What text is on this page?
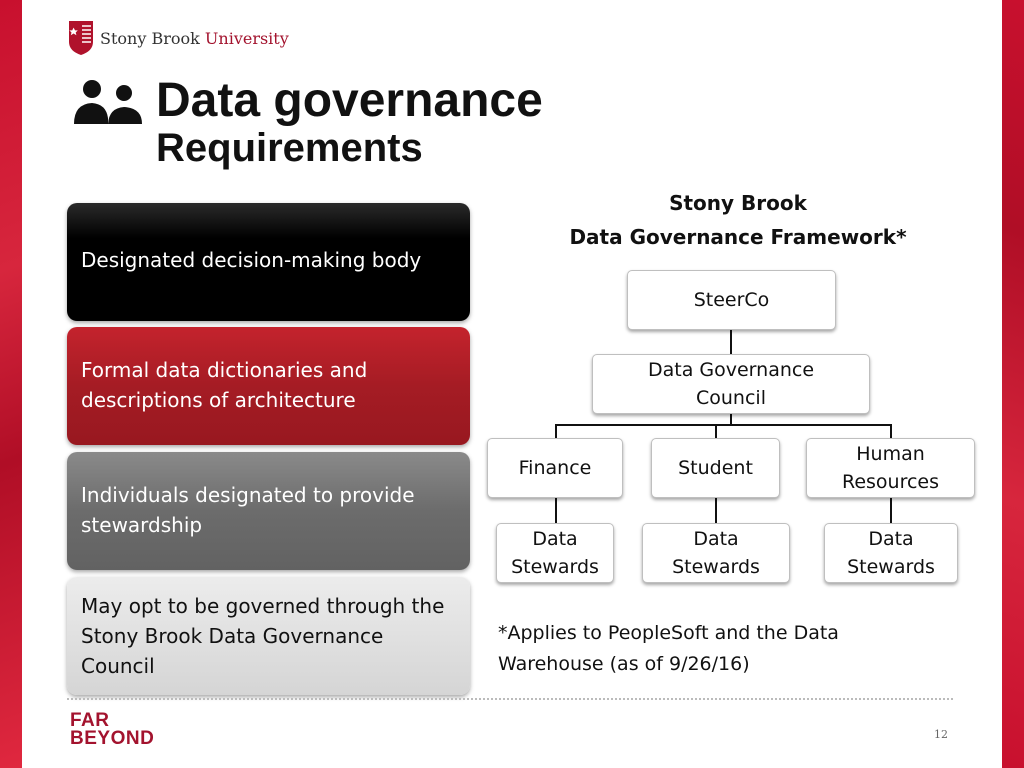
Stony Brook University
Data governance
Requirements
Designated decision-making body
Formal data dictionaries and descriptions of architecture
Individuals designated to provide stewardship
May opt to be governed through the Stony Brook Data Governance Council
Stony Brook
Data Governance Framework*
SteerCo
Data Governance
Council
Finance	Student
Human
Resources
Data
Stewards
Data
Stewards
Data
Stewards
*Applies to PeopleSoft and the Data Warehouse (as of 9/26/16)
FAR
BEYOND	12
